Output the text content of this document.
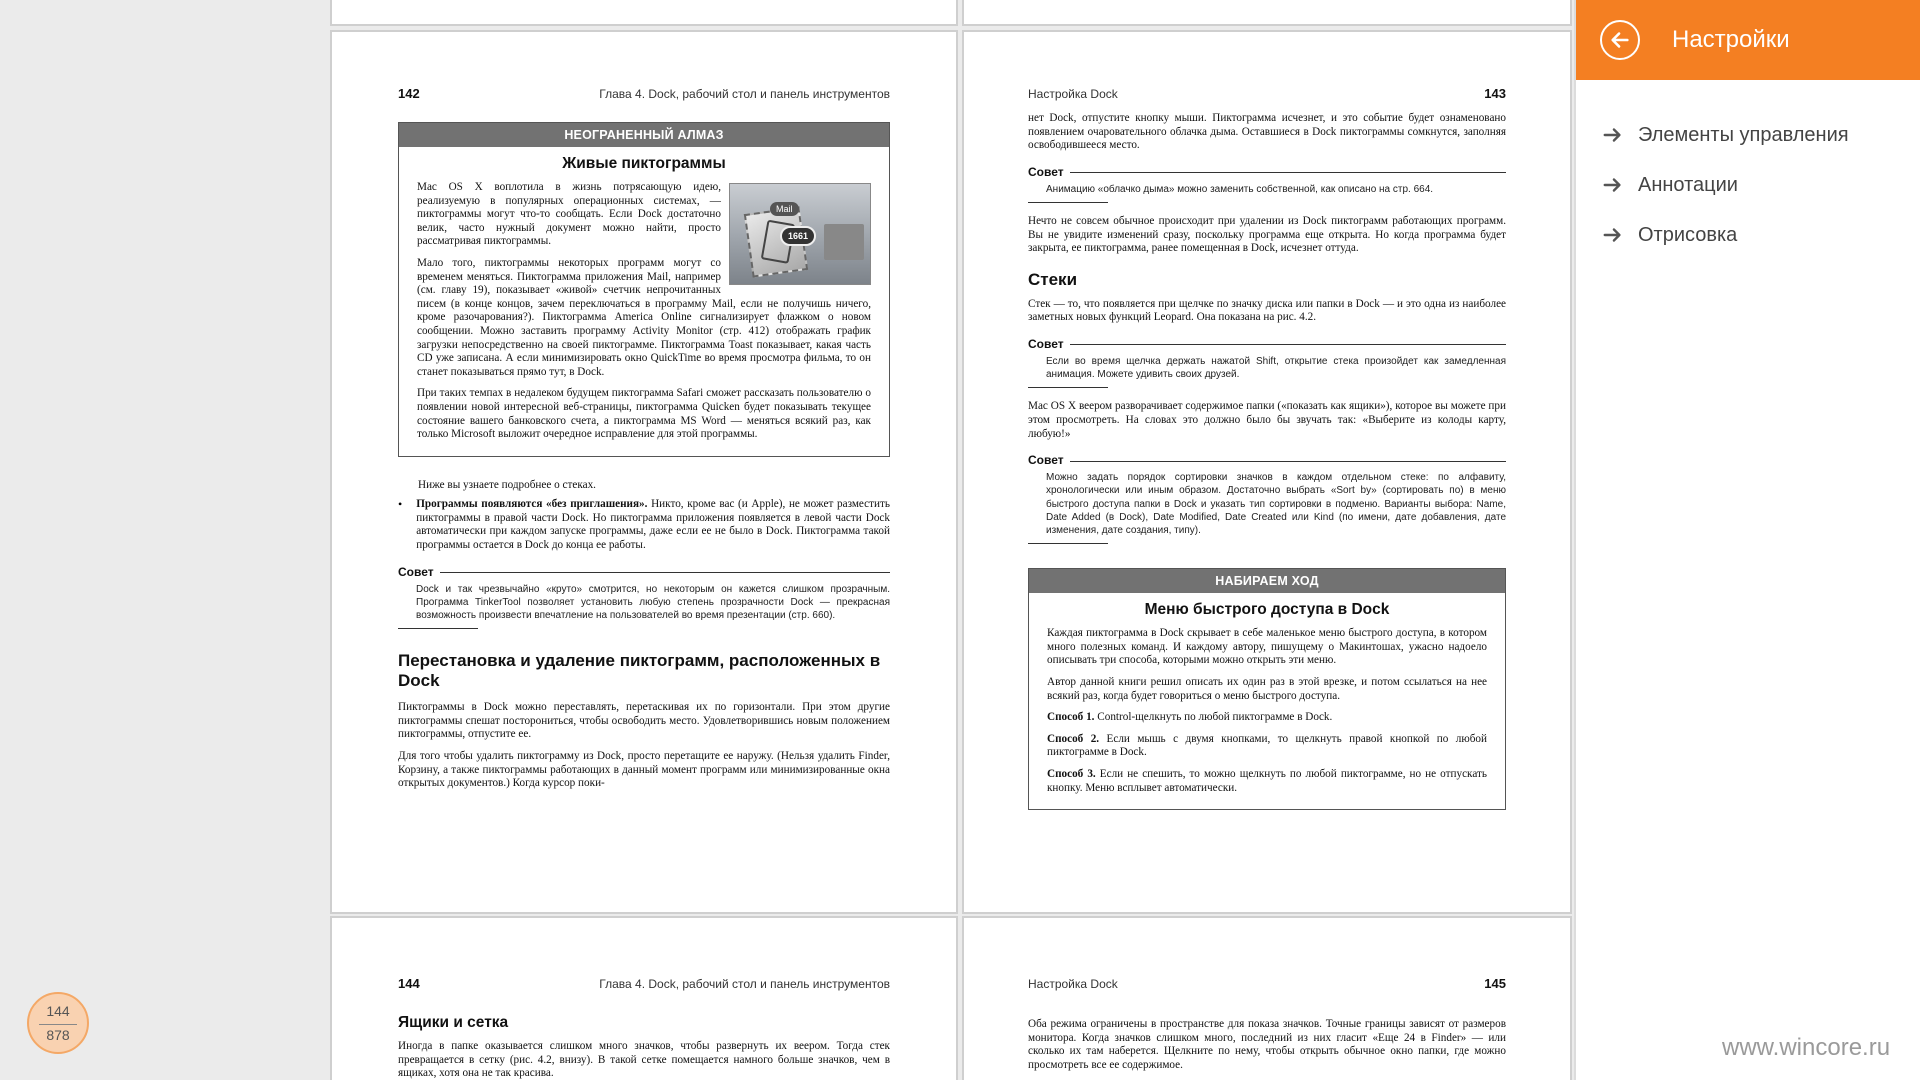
142	Глава 4. Dock, рабочий стол и панель инструментов
НЕОГРАНЕННЫЙ АЛМАЗ
Живые пиктограммы
Mail
1661

Mac OS X воплотила в жизнь потрясающую идею, реализуемую в популярных операционных системах, — пиктограммы могут что-то сообщать. Если Dock достаточно велик, часто нужный документ можно найти, просто рассматривая пиктограммы.

Мало того, пиктограммы некоторых программ могут со временем меняться. Пиктограмма приложения Mail, например (см. главу 19), показывает «живой» счетчик непрочитанных писем (в конце концов, зачем переключаться в программу Mail, если не получишь ничего, кроме разочарования?). Пиктограмма America Online сигнализирует флажком о новом сообщении. Можно заставить программу Activity Monitor (стр. 412) отображать график загрузки непосредственно на своей пиктограмме. Пиктограмма Toast показывает, какая часть CD уже записана. А если минимизировать окно QuickTime во время просмотра фильма, то он станет показываться прямо тут, в Dock.

При таких темпах в недалеком будущем пиктограмма Safari сможет рассказать пользователю о появлении новой интересной веб-страницы, пиктограмма Quicken будет показывать текущее состояние вашего банковского счета, а пиктограмма MS Word — меняться всякий раз, как только Microsoft выложит очередное исправление для этой программы.

Ниже вы узнаете подробнее о стеках.

•	Программы появляются «без приглашения». Никто, кроме вас (и Apple), не может разместить пиктограммы в правой части Dock. Но пиктограмма приложения появляется в левой части Dock автоматически при каждом запуске программы, даже если ее не было в Dock. Пиктограмма такой программы остается в Dock до конца ее работы.

Совет

Dock и так чрезвычайно «круто» смотрится, но некоторым он кажется слишком прозрачным. Программа TinkerTool позволяет установить любую степень прозрачности Dock — прекрасная возможность произвести впечатление на пользователей во время презентации (стр. 660).

Перестановка и удаление пиктограмм, расположенных в Dock

Пиктограммы в Dock можно переставлять, перетаскивая их по горизонтали. При этом другие пиктограммы спешат посторониться, чтобы освободить место. Удовлетворившись новым положением пиктограммы, отпустите ее.

Для того чтобы удалить пиктограмму из Dock, просто перетащите ее наружу. (Нельзя удалить Finder, Корзину, а также пиктограммы работающих в данный момент программ или минимизированные окна открытых документов.) Когда курсор поки-

Настройка Dock	143

нет Dock, отпустите кнопку мыши. Пиктограмма исчезнет, и это событие будет ознаменовано появлением очаровательного облачка дыма. Оставшиеся в Dock пиктограммы сомкнутся, заполняя освободившееся место.

Совет

Анимацию «облачко дыма» можно заменить собственной, как описано на стр. 664.

Нечто не совсем обычное происходит при удалении из Dock пиктограмм работающих программ. Вы не увидите изменений сразу, поскольку программа еще открыта. Но когда программа будет закрыта, ее пиктограмма, ранее помещенная в Dock, исчезнет оттуда.

Стеки

Стек — то, что появляется при щелчке по значку диска или папки в Dock — и это одна из наиболее заметных новых функций Leopard. Она показана на рис. 4.2.

Совет

Если во время щелчка держать нажатой Shift, открытие стека произойдет как замедленная анимация. Можете удивить своих друзей.

Mac OS X вееpом разворачивает содержимое папки («показать как ящики»), которое вы можете при этом просмотреть. На словах это должно было бы звучать так: «Выберите из колоды карту, любую!»

Совет

Можно задать порядок сортировки значков в каждом отдельном стеке: по алфавиту, хронологически или иным образом. Достаточно выбрать «Sort by» (сортировать по) в меню быстрого доступа папки в Dock и указать тип сортировки в подменю. Варианты выбора: Name, Date Added (в Dock), Date Modified, Date Created или Kind (по имени, дате добавления, дате изменения, дате создания, типу).

НАБИРАЕМ ХОД
Меню быстрого доступа в Dock

Каждая пиктограмма в Dock скрывает в себе маленькое меню быстрого доступа, в котором много полезных команд. И каждому автору, пишущему о Макинтошах, ужасно надоело описывать три способа, которыми можно открыть эти меню.

Автор данной книги решил описать их один раз в этой врезке, и потом ссылаться на нее всякий раз, когда будет говориться о меню быстрого доступа.

Способ 1. Control-щелкнуть по любой пиктограмме в Dock.

Способ 2. Если мышь с двумя кнопками, то щелкнуть правой кнопкой по любой пиктограмме в Dock.

Способ 3. Если не спешить, то можно щелкнуть по любой пиктограмме, но не отпускать кнопку. Меню всплывет автоматически.

144	Глава 4. Dock, рабочий стол и панель инструментов
Ящики и сетка

Иногда в папке оказывается слишком много значков, чтобы развернуть их веером. Тогда стек превращается в сетку (рис. 4.2, внизу). В такой сетке помещается намного больше значков, чем в ящиках, хотя она не так красива.

Настройка Dock	145

Оба режима ограничены в пространстве для показа значков. Точные границы зависят от размеров монитора. Когда значков слишком много, последний из них гласит «Еще 24 в Finder» — или сколько их там наберется. Щелкните по нему, чтобы открыть обычное окно папки, где можно просмотреть все ее содержимое.

144
878
Настройки
Элементы управления
Аннотации
Отрисовка
www.wincore.ru
